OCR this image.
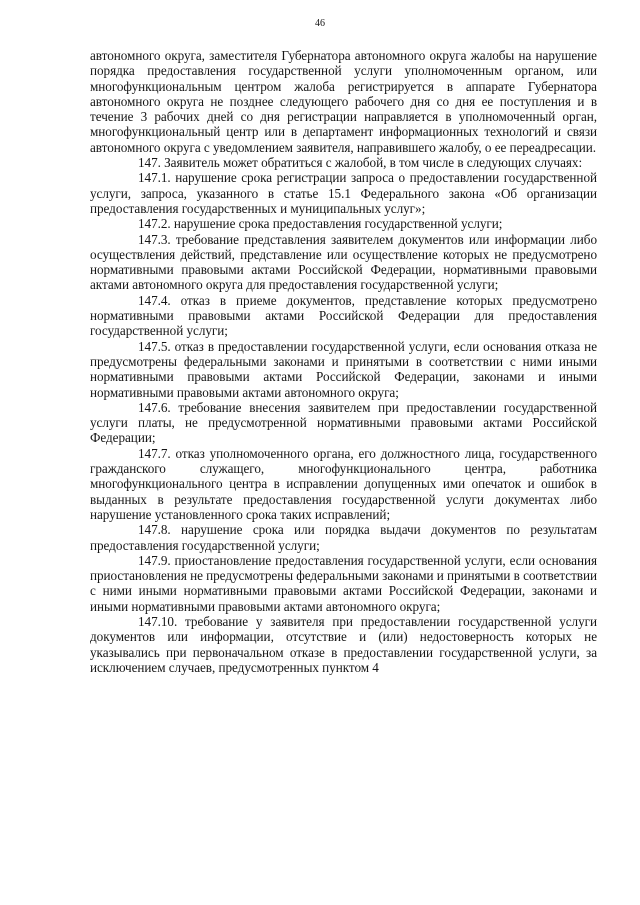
46

автономного округа, заместителя Губернатора автономного округа жалобы на нарушение порядка предоставления государственной услуги уполномоченным органом, или многофункциональным центром жалоба регистрируется в аппарате Губернатора автономного округа не позднее следующего рабочего дня со дня ее поступления и в течение 3 рабочих дней со дня регистрации направляется в уполномоченный орган, многофункциональный центр или в департамент информационных технологий и связи автономного округа с уведомлением заявителя, направившего жалобу, о ее переадресации.

147. Заявитель может обратиться с жалобой, в том числе в следующих случаях:

147.1. нарушение срока регистрации запроса о предоставлении государственной услуги, запроса, указанного в статье 15.1 Федерального закона «Об организации предоставления государственных и муниципальных услуг»;

147.2. нарушение срока предоставления государственной услуги;

147.3. требование представления заявителем документов или информации либо осуществления действий, представление или осуществление которых не предусмотрено нормативными правовыми актами Российской Федерации, нормативными правовыми актами автономного округа для предоставления государственной услуги;

147.4. отказ в приеме документов, представление которых предусмотрено нормативными правовыми актами Российской Федерации для предоставления государственной услуги;

147.5. отказ в предоставлении государственной услуги, если основания отказа не предусмотрены федеральными законами и принятыми в соответствии с ними иными нормативными правовыми актами Российской Федерации, законами и иными нормативными правовыми актами автономного округа;

147.6. требование внесения заявителем при предоставлении государственной услуги платы, не предусмотренной нормативными правовыми актами Российской Федерации;

147.7. отказ уполномоченного органа, его должностного лица, государственного гражданского служащего, многофункционального центра, работника многофункционального центра в исправлении допущенных ими опечаток и ошибок в выданных в результате предоставления государственной услуги документах либо нарушение установленного срока таких исправлений;

147.8. нарушение срока или порядка выдачи документов по результатам предоставления государственной услуги;

147.9. приостановление предоставления государственной услуги, если основания приостановления не предусмотрены федеральными законами и принятыми в соответствии с ними иными нормативными правовыми актами Российской Федерации, законами и иными нормативными правовыми актами автономного округа;

147.10. требование у заявителя при предоставлении государственной услуги документов или информации, отсутствие и (или) недостоверность которых не указывались при первоначальном отказе в предоставлении государственной услуги, за исключением случаев, предусмотренных пунктом 4
